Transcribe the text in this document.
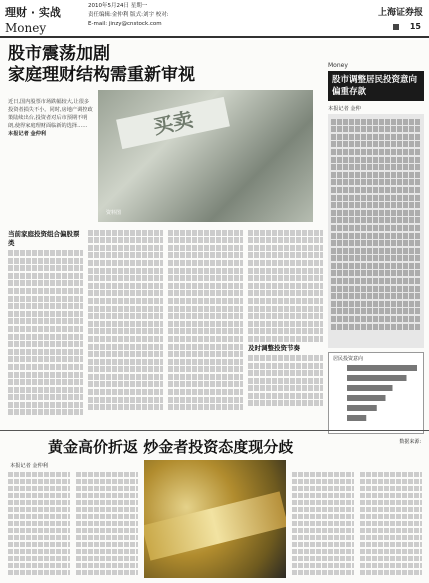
理财 · 实战	2010年5月24日 星期一
责任编辑:金仲利 版式:刘宇 校对:
E-mail: jinzy@cnstock.com
上海证券报
Money	15
股市震荡加剧
家庭理财结构需重新审视
近日,国内股票市场跌幅较大,让很多投资者损失不小。同时,房地产调控政策陆续出台,投资者对后市预期不明朗,使得家庭理财面临新的选择……
本报记者 金仲利	买卖
资料图
当前家庭投资组合偏股票类
及时调整投资节奏
Money
股市调整居民投资意向偏重存款
本报记者 金仲
居民投资意向
数据来源:
黄金高价折返 炒金者投资态度现分歧
本报记者 金仲利
